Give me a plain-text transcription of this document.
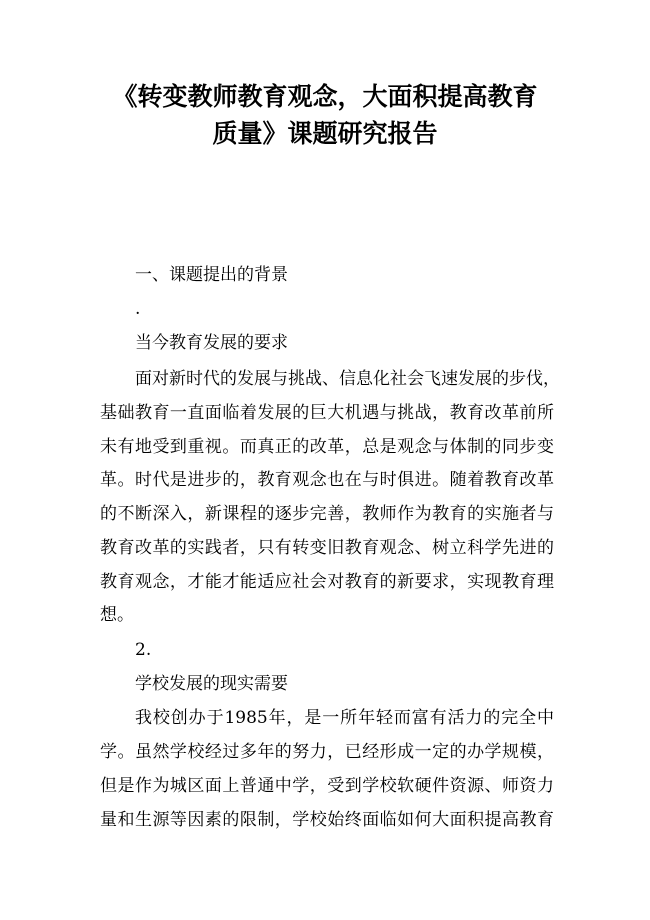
《转变教师教育观念，大面积提高教育
质量》课题研究报告
一、课题提出的背景
.
当今教育发展的要求
面对新时代的发展与挑战、信息化社会飞速发展的步伐，
基础教育一直面临着发展的巨大机遇与挑战，教育改革前所
未有地受到重视。而真正的改革，总是观念与体制的同步变
革。时代是进步的，教育观念也在与时俱进。随着教育改革
的不断深入，新课程的逐步完善，教师作为教育的实施者与
教育改革的实践者，只有转变旧教育观念、树立科学先进的
教育观念，才能才能适应社会对教育的新要求，实现教育理
想。
2.
学校发展的现实需要
我校创办于1985年，是一所年轻而富有活力的完全中
学。虽然学校经过多年的努力，已经形成一定的办学规模，
但是作为城区面上普通中学，受到学校软硬件资源、师资力
量和生源等因素的限制，学校始终面临如何大面积提高教育
